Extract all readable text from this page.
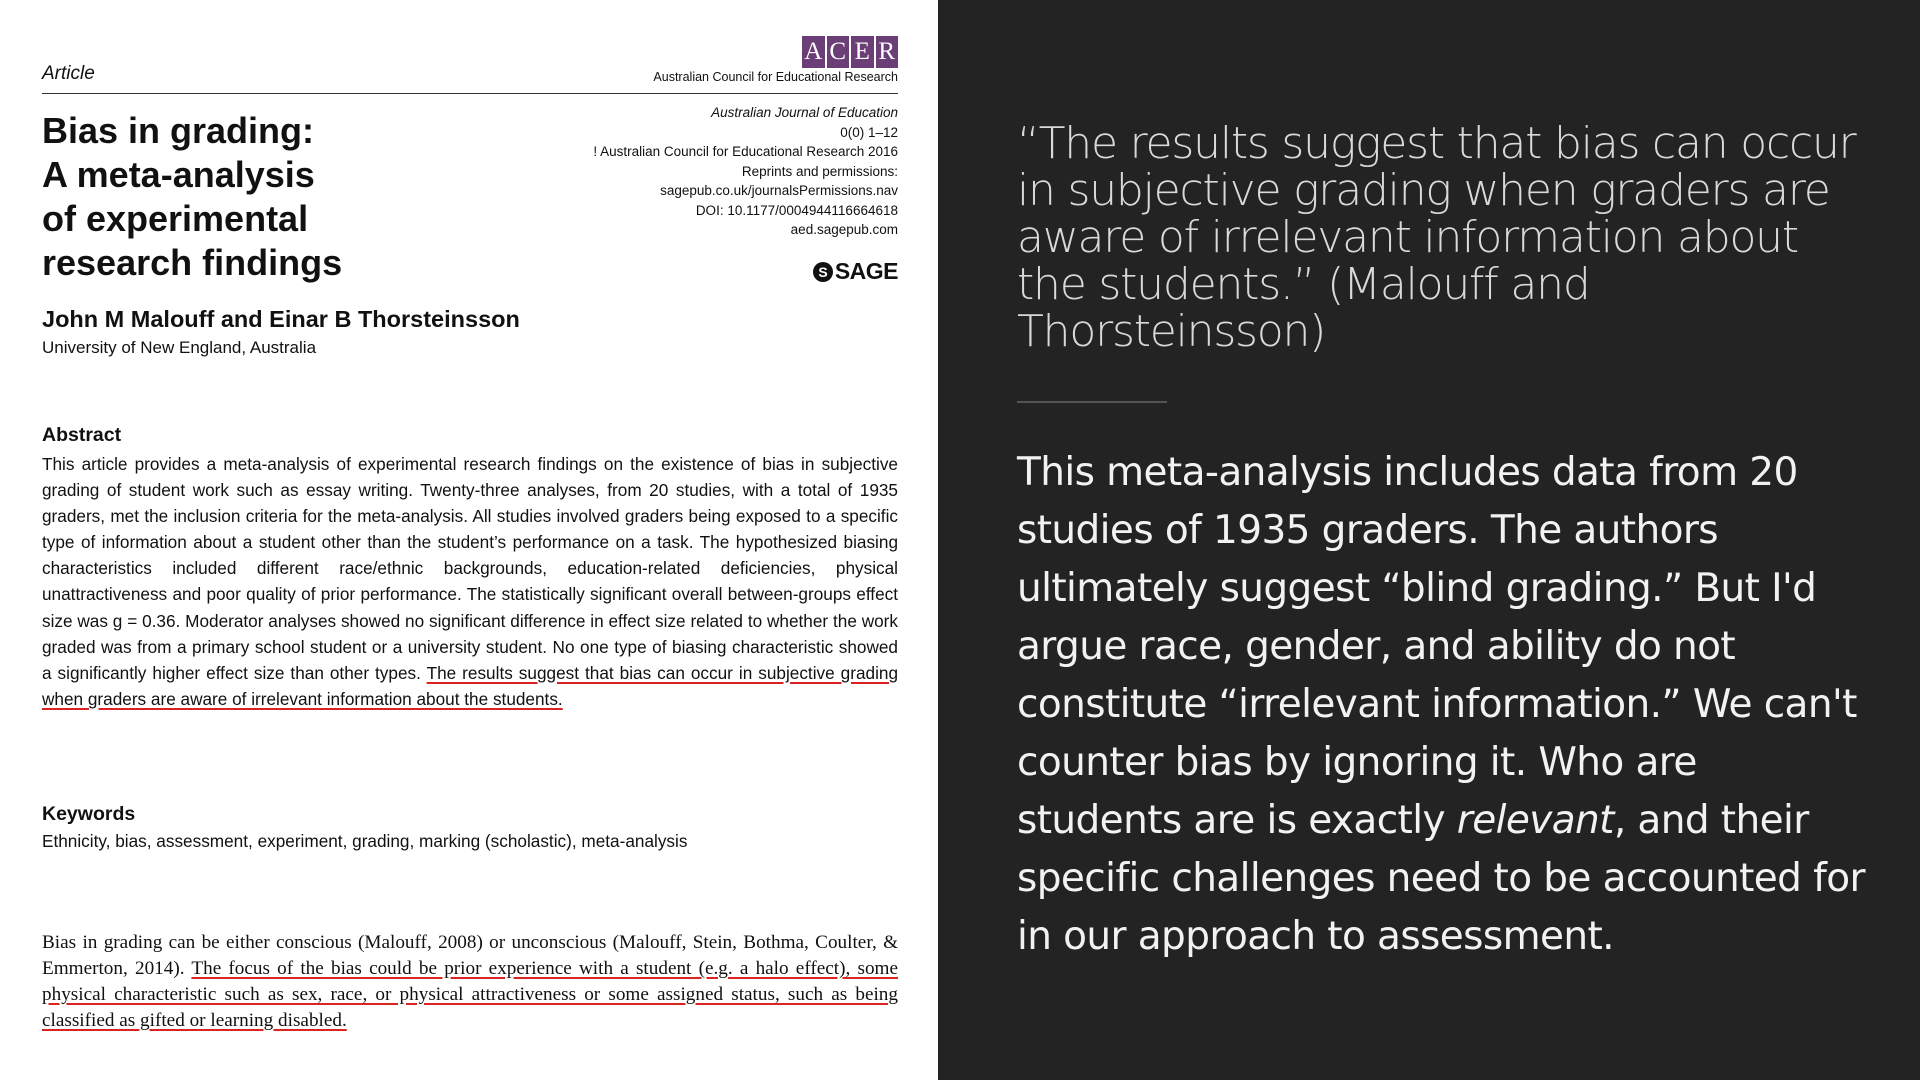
Article
A C E R
Australian Council for Educational Research
Bias in grading:
A meta-analysis
of experimental
research findings
Australian Journal of Education
0(0) 1–12
! Australian Council for Educational Research 2016
Reprints and permissions:
sagepub.co.uk/journalsPermissions.nav
DOI: 10.1177/0004944116664618
aed.sagepub.com
S SAGE
John M Malouff and Einar B Thorsteinsson
University of New England, Australia
Abstract
This article provides a meta-analysis of experimental research findings on the existence of bias in subjective grading of student work such as essay writing. Twenty-three analyses, from 20 studies, with a total of 1935 graders, met the inclusion criteria for the meta-analysis. All studies involved graders being exposed to a specific type of information about a student other than the student’s performance on a task. The hypothesized biasing characteristics included different race/ethnic backgrounds, education-related deficiencies, physical unattractiveness and poor quality of prior performance. The statistically significant overall between-groups effect size was g = 0.36. Moderator analyses showed no significant difference in effect size related to whether the work graded was from a primary school student or a university student. No one type of biasing characteristic showed a significantly higher effect size than other types. The results suggest that bias can occur in subjective grading when graders are aware of irrelevant information about the students.
Keywords
Ethnicity, bias, assessment, experiment, grading, marking (scholastic), meta-analysis
Bias in grading can be either conscious (Malouff, 2008) or unconscious (Malouff, Stein, Bothma, Coulter, & Emmerton, 2014). The focus of the bias could be prior experience with a student (e.g. a halo effect), some physical characteristic such as sex, race, or physical attractiveness or some assigned status, such as being classified as gifted or learning disabled.
“The results suggest that bias can occur in subjective grading when graders are aware of irrelevant information about the students.” (Malouff and Thorsteinsson)
This meta-analysis includes data from 20 studies of 1935 graders. The authors ultimately suggest “blind grading.” But I'd argue race, gender, and ability do not constitute “irrelevant information.” We can't counter bias by ignoring it. Who are students are is exactly relevant, and their specific challenges need to be accounted for in our approach to assessment.
